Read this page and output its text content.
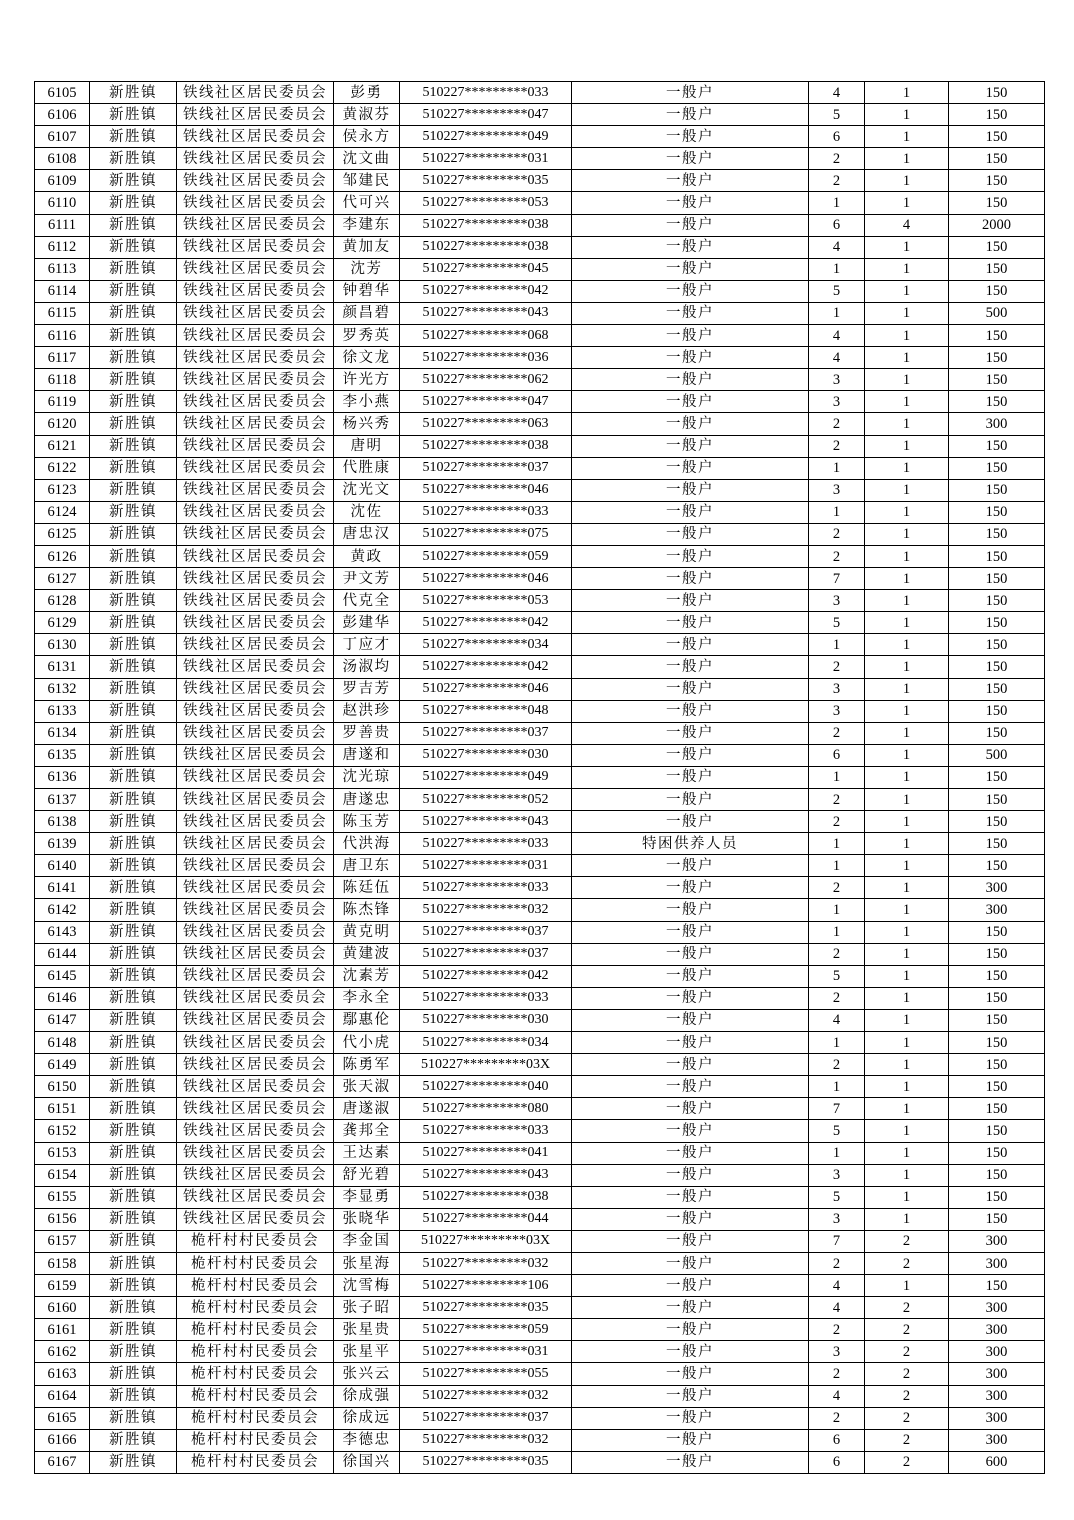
6105	新胜镇	铁线社区居民委员会	彭勇	510227*********033	一般户	4	1	150
6106	新胜镇	铁线社区居民委员会	黄淑芬	510227*********047	一般户	5	1	150
6107	新胜镇	铁线社区居民委员会	侯永方	510227*********049	一般户	6	1	150
6108	新胜镇	铁线社区居民委员会	沈文曲	510227*********031	一般户	2	1	150
6109	新胜镇	铁线社区居民委员会	邹建民	510227*********035	一般户	2	1	150
6110	新胜镇	铁线社区居民委员会	代可兴	510227*********053	一般户	1	1	150
6111	新胜镇	铁线社区居民委员会	李建东	510227*********038	一般户	6	4	2000
6112	新胜镇	铁线社区居民委员会	黄加友	510227*********038	一般户	4	1	150
6113	新胜镇	铁线社区居民委员会	沈芳	510227*********045	一般户	1	1	150
6114	新胜镇	铁线社区居民委员会	钟碧华	510227*********042	一般户	5	1	150
6115	新胜镇	铁线社区居民委员会	颜昌碧	510227*********043	一般户	1	1	500
6116	新胜镇	铁线社区居民委员会	罗秀英	510227*********068	一般户	4	1	150
6117	新胜镇	铁线社区居民委员会	徐文龙	510227*********036	一般户	4	1	150
6118	新胜镇	铁线社区居民委员会	许光方	510227*********062	一般户	3	1	150
6119	新胜镇	铁线社区居民委员会	李小燕	510227*********047	一般户	3	1	150
6120	新胜镇	铁线社区居民委员会	杨兴秀	510227*********063	一般户	2	1	300
6121	新胜镇	铁线社区居民委员会	唐明	510227*********038	一般户	2	1	150
6122	新胜镇	铁线社区居民委员会	代胜康	510227*********037	一般户	1	1	150
6123	新胜镇	铁线社区居民委员会	沈光文	510227*********046	一般户	3	1	150
6124	新胜镇	铁线社区居民委员会	沈佐	510227*********033	一般户	1	1	150
6125	新胜镇	铁线社区居民委员会	唐忠汉	510227*********075	一般户	2	1	150
6126	新胜镇	铁线社区居民委员会	黄政	510227*********059	一般户	2	1	150
6127	新胜镇	铁线社区居民委员会	尹文芳	510227*********046	一般户	7	1	150
6128	新胜镇	铁线社区居民委员会	代克全	510227*********053	一般户	3	1	150
6129	新胜镇	铁线社区居民委员会	彭建华	510227*********042	一般户	5	1	150
6130	新胜镇	铁线社区居民委员会	丁应才	510227*********034	一般户	1	1	150
6131	新胜镇	铁线社区居民委员会	汤淑均	510227*********042	一般户	2	1	150
6132	新胜镇	铁线社区居民委员会	罗吉芳	510227*********046	一般户	3	1	150
6133	新胜镇	铁线社区居民委员会	赵洪珍	510227*********048	一般户	3	1	150
6134	新胜镇	铁线社区居民委员会	罗善贵	510227*********037	一般户	2	1	150
6135	新胜镇	铁线社区居民委员会	唐遂和	510227*********030	一般户	6	1	500
6136	新胜镇	铁线社区居民委员会	沈光琼	510227*********049	一般户	1	1	150
6137	新胜镇	铁线社区居民委员会	唐遂忠	510227*********052	一般户	2	1	150
6138	新胜镇	铁线社区居民委员会	陈玉芳	510227*********043	一般户	2	1	150
6139	新胜镇	铁线社区居民委员会	代洪海	510227*********033	特困供养人员	1	1	150
6140	新胜镇	铁线社区居民委员会	唐卫东	510227*********031	一般户	1	1	150
6141	新胜镇	铁线社区居民委员会	陈廷伍	510227*********033	一般户	2	1	300
6142	新胜镇	铁线社区居民委员会	陈杰锋	510227*********032	一般户	1	1	300
6143	新胜镇	铁线社区居民委员会	黄克明	510227*********037	一般户	1	1	150
6144	新胜镇	铁线社区居民委员会	黄建波	510227*********037	一般户	2	1	150
6145	新胜镇	铁线社区居民委员会	沈素芳	510227*********042	一般户	5	1	150
6146	新胜镇	铁线社区居民委员会	李永全	510227*********033	一般户	2	1	150
6147	新胜镇	铁线社区居民委员会	鄢惠伦	510227*********030	一般户	4	1	150
6148	新胜镇	铁线社区居民委员会	代小虎	510227*********034	一般户	1	1	150
6149	新胜镇	铁线社区居民委员会	陈勇军	510227*********03X	一般户	2	1	150
6150	新胜镇	铁线社区居民委员会	张天淑	510227*********040	一般户	1	1	150
6151	新胜镇	铁线社区居民委员会	唐遂淑	510227*********080	一般户	7	1	150
6152	新胜镇	铁线社区居民委员会	龚邦全	510227*********033	一般户	5	1	150
6153	新胜镇	铁线社区居民委员会	王达素	510227*********041	一般户	1	1	150
6154	新胜镇	铁线社区居民委员会	舒光碧	510227*********043	一般户	3	1	150
6155	新胜镇	铁线社区居民委员会	李显勇	510227*********038	一般户	5	1	150
6156	新胜镇	铁线社区居民委员会	张晓华	510227*********044	一般户	3	1	150
6157	新胜镇	桅杆村村民委员会	李金国	510227*********03X	一般户	7	2	300
6158	新胜镇	桅杆村村民委员会	张星海	510227*********032	一般户	2	2	300
6159	新胜镇	桅杆村村民委员会	沈雪梅	510227*********106	一般户	4	1	150
6160	新胜镇	桅杆村村民委员会	张子昭	510227*********035	一般户	4	2	300
6161	新胜镇	桅杆村村民委员会	张星贵	510227*********059	一般户	2	2	300
6162	新胜镇	桅杆村村民委员会	张星平	510227*********031	一般户	3	2	300
6163	新胜镇	桅杆村村民委员会	张兴云	510227*********055	一般户	2	2	300
6164	新胜镇	桅杆村村民委员会	徐成强	510227*********032	一般户	4	2	300
6165	新胜镇	桅杆村村民委员会	徐成远	510227*********037	一般户	2	2	300
6166	新胜镇	桅杆村村民委员会	李德忠	510227*********032	一般户	6	2	300
6167	新胜镇	桅杆村村民委员会	徐国兴	510227*********035	一般户	6	2	600
